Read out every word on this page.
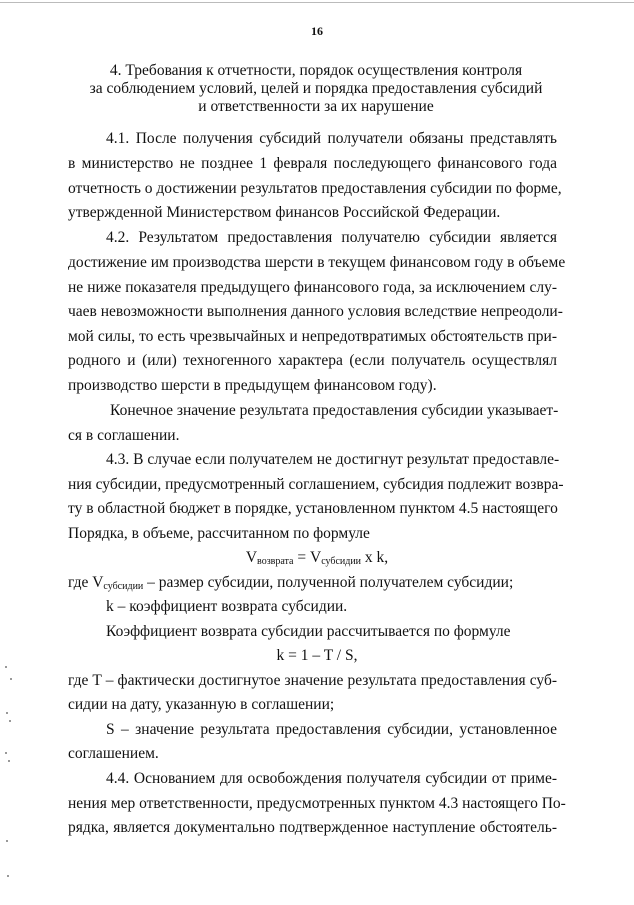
16
4. Требования к отчетности, порядок осуществления контроля
за соблюдением условий, целей и порядка предоставления субсидий
и ответственности за их нарушение
4.1. После получения субсидий получатели обязаны представлять
в министерство не позднее 1 февраля последующего финансового года
отчетность о достижении результатов предоставления субсидии по форме,
утвержденной Министерством финансов Российской Федерации.
4.2. Результатом предоставления получателю субсидии является
достижение им производства шерсти в текущем финансовом году в объеме
не ниже показателя предыдущего финансового года, за исключением слу-
чаев невозможности выполнения данного условия вследствие непреодоли-
мой силы, то есть чрезвычайных и непредотвратимых обстоятельств при-
родного и (или) техногенного характера (если получатель осуществлял
производство шерсти в предыдущем финансовом году).
Конечное значение результата предоставления субсидии указывает-
ся в соглашении.
4.3. В случае если получателем не достигнут результат предоставле-
ния субсидии, предусмотренный соглашением, субсидия подлежит возвра-
ту в областной бюджет в порядке, установленном пунктом 4.5 настоящего
Порядка, в объеме, рассчитанном по формуле
$V_{возврата} = V_{субсидии}$ x k,
где $V_{субсидии}$ – размер субсидии, полученной получателем субсидии;
k – коэффициент возврата субсидии.
Коэффициент возврата субсидии рассчитывается по формуле
k = 1 – T / S,
где T – фактически достигнутое значение результата предоставления суб-
сидии на дату, указанную в соглашении;
S – значение результата предоставления субсидии, установленное
соглашением.
4.4. Основанием для освобождения получателя субсидии от приме-
нения мер ответственности, предусмотренных пунктом 4.3 настоящего По-
рядка, является документально подтвержденное наступление обстоятель-
